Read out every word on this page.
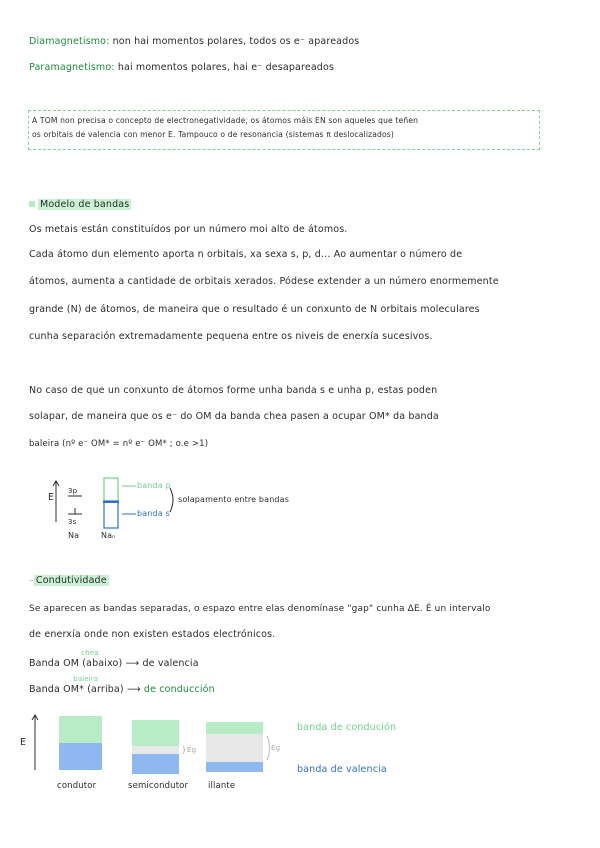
Diamagnetismo: non hai momentos polares, todos os e⁻ apareados
Paramagnetismo: hai momentos polares, hai e⁻ desapareados
A TOM non precisa o concepto de electronegatividade, os átomos máis EN son aqueles que teñen
os orbitais de valencia con menor E. Tampouco o de resonancia (sistemas π deslocalizados)
Modelo de bandas
Os metais están constituídos por un número moi alto de átomos.
Cada átomo dun elemento aporta n orbitais, xa sexa s, p, d… Ao aumentar o número de
átomos, aumenta a cantidade de orbitais xerados. Pódese extender a un número enormemente
grande (N) de átomos, de maneira que o resultado é un conxunto de N orbitais moleculares
cunha separación extremadamente pequena entre os niveis de enerxía sucesivos.
No caso de que un conxunto de átomos forme unha banda s e unha p, estas poden
solapar, de maneira que os e⁻ do OM da banda chea pasen a ocupar OM* da banda
baleira (nº e⁻ OM* = nº e⁻ OM* ; o.e >1)
E
3p
3s
Na	Naₙ
banda p
banda s
solapamento entre bandas
– Condutividade
Se aparecen as bandas separadas, o espazo entre elas denomínase "gap" cunha ΔE. É un intervalo
de enerxía onde non existen estados electrónicos.
Banda
chea
OM (abaixo) ⟶ de valencia
Banda
baleira
OM* (arriba) ⟶ de conducción
E
Eg	Eg
condutor	semicondutor illante
banda de condución
banda de valencia
